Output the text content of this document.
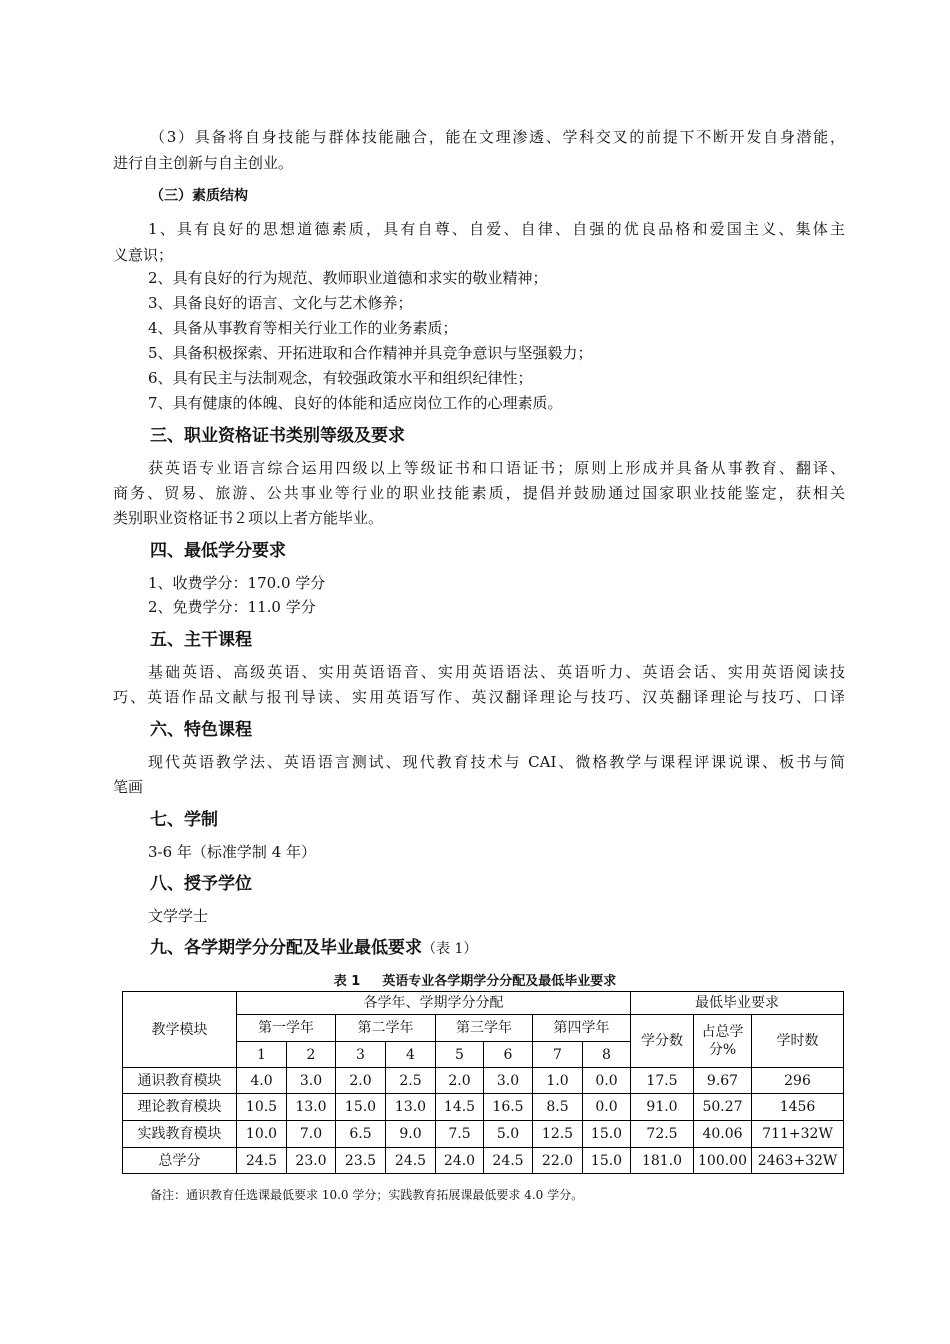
（3）具备将自身技能与群体技能融合，能在文理渗透、学科交叉的前提下不断开发自身潜能，
进行自主创新与自主创业。
（三）素质结构
1、具有良好的思想道德素质，具有自尊、自爱、自律、自强的优良品格和爱国主义、集体主
义意识；
2、具有良好的行为规范、教师职业道德和求实的敬业精神；
3、具备良好的语言、文化与艺术修养；
4、具备从事教育等相关行业工作的业务素质；
5、具备积极探索、开拓进取和合作精神并具竞争意识与坚强毅力；
6、具有民主与法制观念，有较强政策水平和组织纪律性；
7、具有健康的体魄、良好的体能和适应岗位工作的心理素质。
三、职业资格证书类别等级及要求
获英语专业语言综合运用四级以上等级证书和口语证书；原则上形成并具备从事教育、翻译、
商务、贸易、旅游、公共事业等行业的职业技能素质，提倡并鼓励通过国家职业技能鉴定，获相关
类别职业资格证书２项以上者方能毕业。
四、最低学分要求
1、收费学分：170.0 学分
2、免费学分：11.0 学分
五、主干课程
基础英语、高级英语、实用英语语音、实用英语语法、英语听力、英语会话、实用英语阅读技
巧、英语作品文献与报刊导读、实用英语写作、英汉翻译理论与技巧、汉英翻译理论与技巧、口译
六、特色课程
现代英语教学法、英语语言测试、现代教育技术与 CAI、微格教学与课程评课说课、板书与简
笔画
七、学制
3-6 年（标准学制 4 年）
八、授予学位
文学学士
九、各学期学分分配及毕业最低要求（表 1）
表 1 英语专业各学期学分分配及最低毕业要求
教学模块	各学年、学期学分分配								最低毕业要求		
	第一学年		第二学年		第三学年		第四学年		学分数	占总学
分%	学时数
	1	2	3	4	5	6	7	8			
通识教育模块	4.0	3.0	2.0	2.5	2.0	3.0	1.0	0.0	17.5	9.67	296
理论教育模块	10.5	13.0	15.0	13.0	14.5	16.5	8.5	0.0	91.0	50.27	1456
实践教育模块	10.0	7.0	6.5	9.0	7.5	5.0	12.5	15.0	72.5	40.06	711+32W
总学分	24.5	23.0	23.5	24.5	24.0	24.5	22.0	15.0	181.0	100.00	2463+32W
备注：通识教育任选课最低要求 10.0 学分；实践教育拓展课最低要求 4.0 学分。
